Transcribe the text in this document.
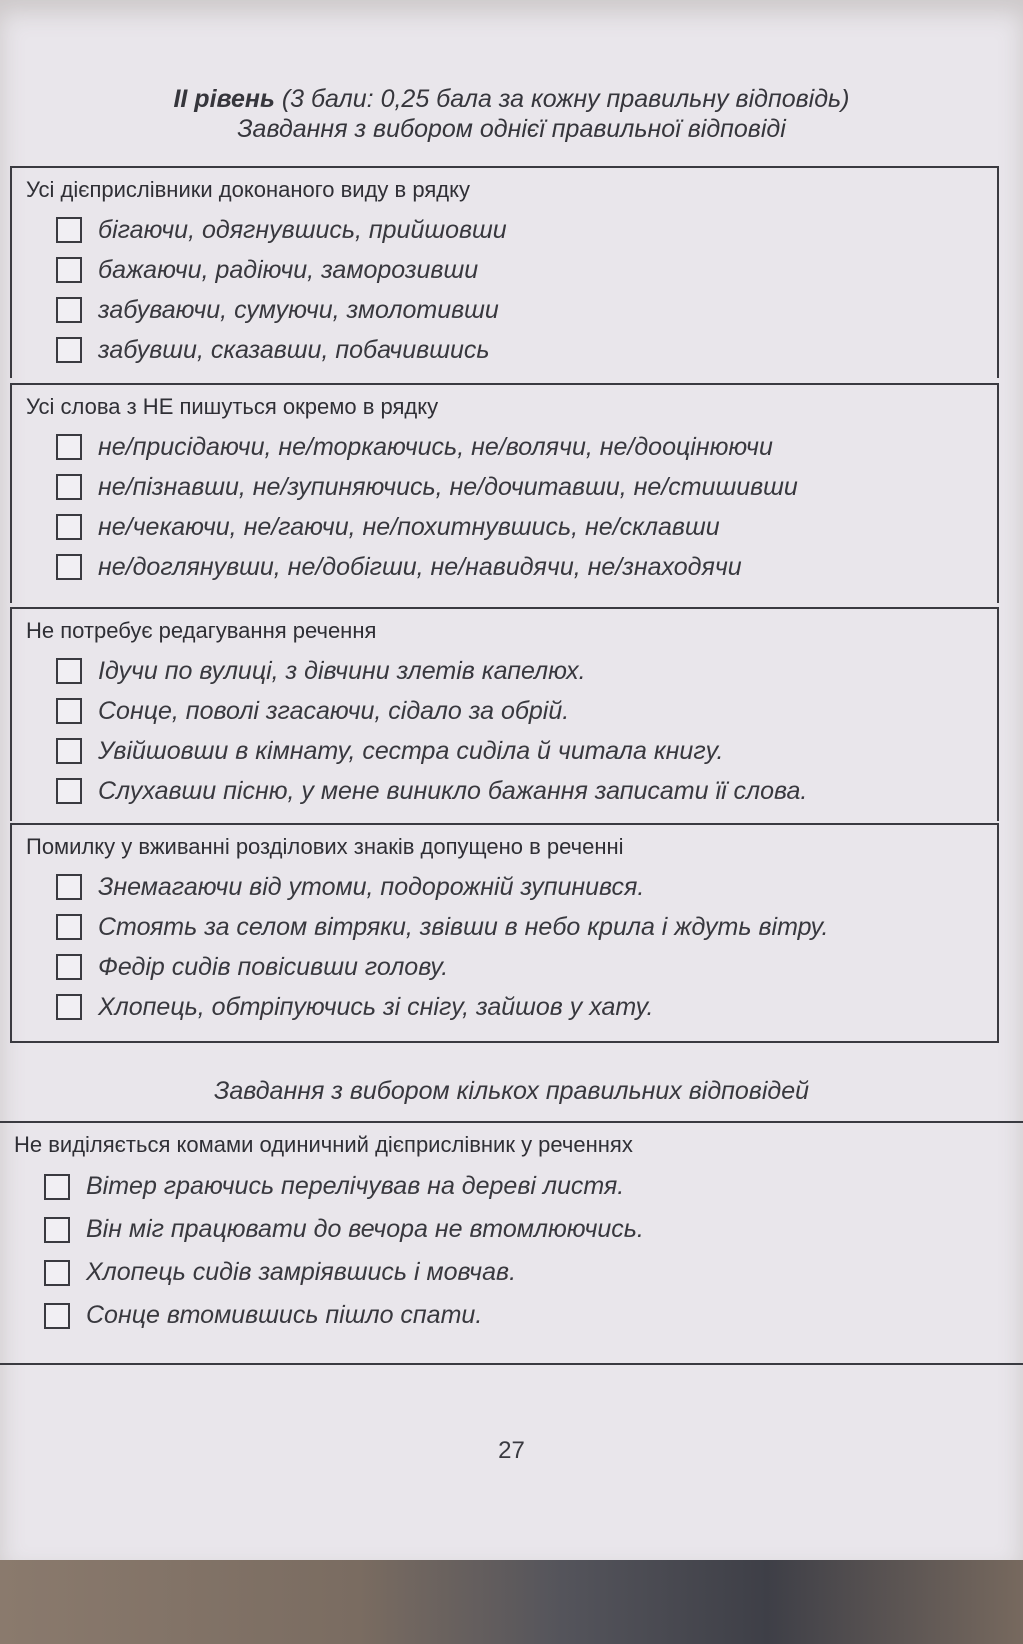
II рівень (3 бали: 0,25 бала за кожну правильну відповідь)
Завдання з вибором однієї правильної відповіді
Усі дієприслівники доконаного виду в рядку
бігаючи, одягнувшись, прийшовши
бажаючи, радіючи, заморозивши
забуваючи, сумуючи, змолотивши
забувши, сказавши, побачившись
Усі слова з НЕ пишуться окремо в рядку
не/присідаючи, не/торкаючись, не/волячи, не/дооцінюючи
не/пізнавши, не/зупиняючись, не/дочитавши, не/стишивши
не/чекаючи, не/гаючи, не/похитнувшись, не/склавши
не/доглянувши, не/добігши, не/навидячи, не/знаходячи
Не потребує редагування речення
Ідучи по вулиці, з дівчини злетів капелюх.
Сонце, поволі згасаючи, сідало за обрій.
Увійшовши в кімнату, сестра сиділа й читала книгу.
Слухавши пісню, у мене виникло бажання записати її слова.
Помилку у вживанні розділових знаків допущено в реченні
Знемагаючи від утоми, подорожній зупинився.
Стоять за селом вітряки, звівши в небо крила і ждуть вітру.
Федір сидів повісивши голову.
Хлопець, обтріпуючись зі снігу, зайшов у хату.
Завдання з вибором кількох правильних відповідей
Не виділяється комами одиничний дієприслівник у реченнях
Вітер граючись перелічував на дереві листя.
Він міг працювати до вечора не втомлюючись.
Хлопець сидів замріявшись і мовчав.
Сонце втомившись пішло спати.
27
